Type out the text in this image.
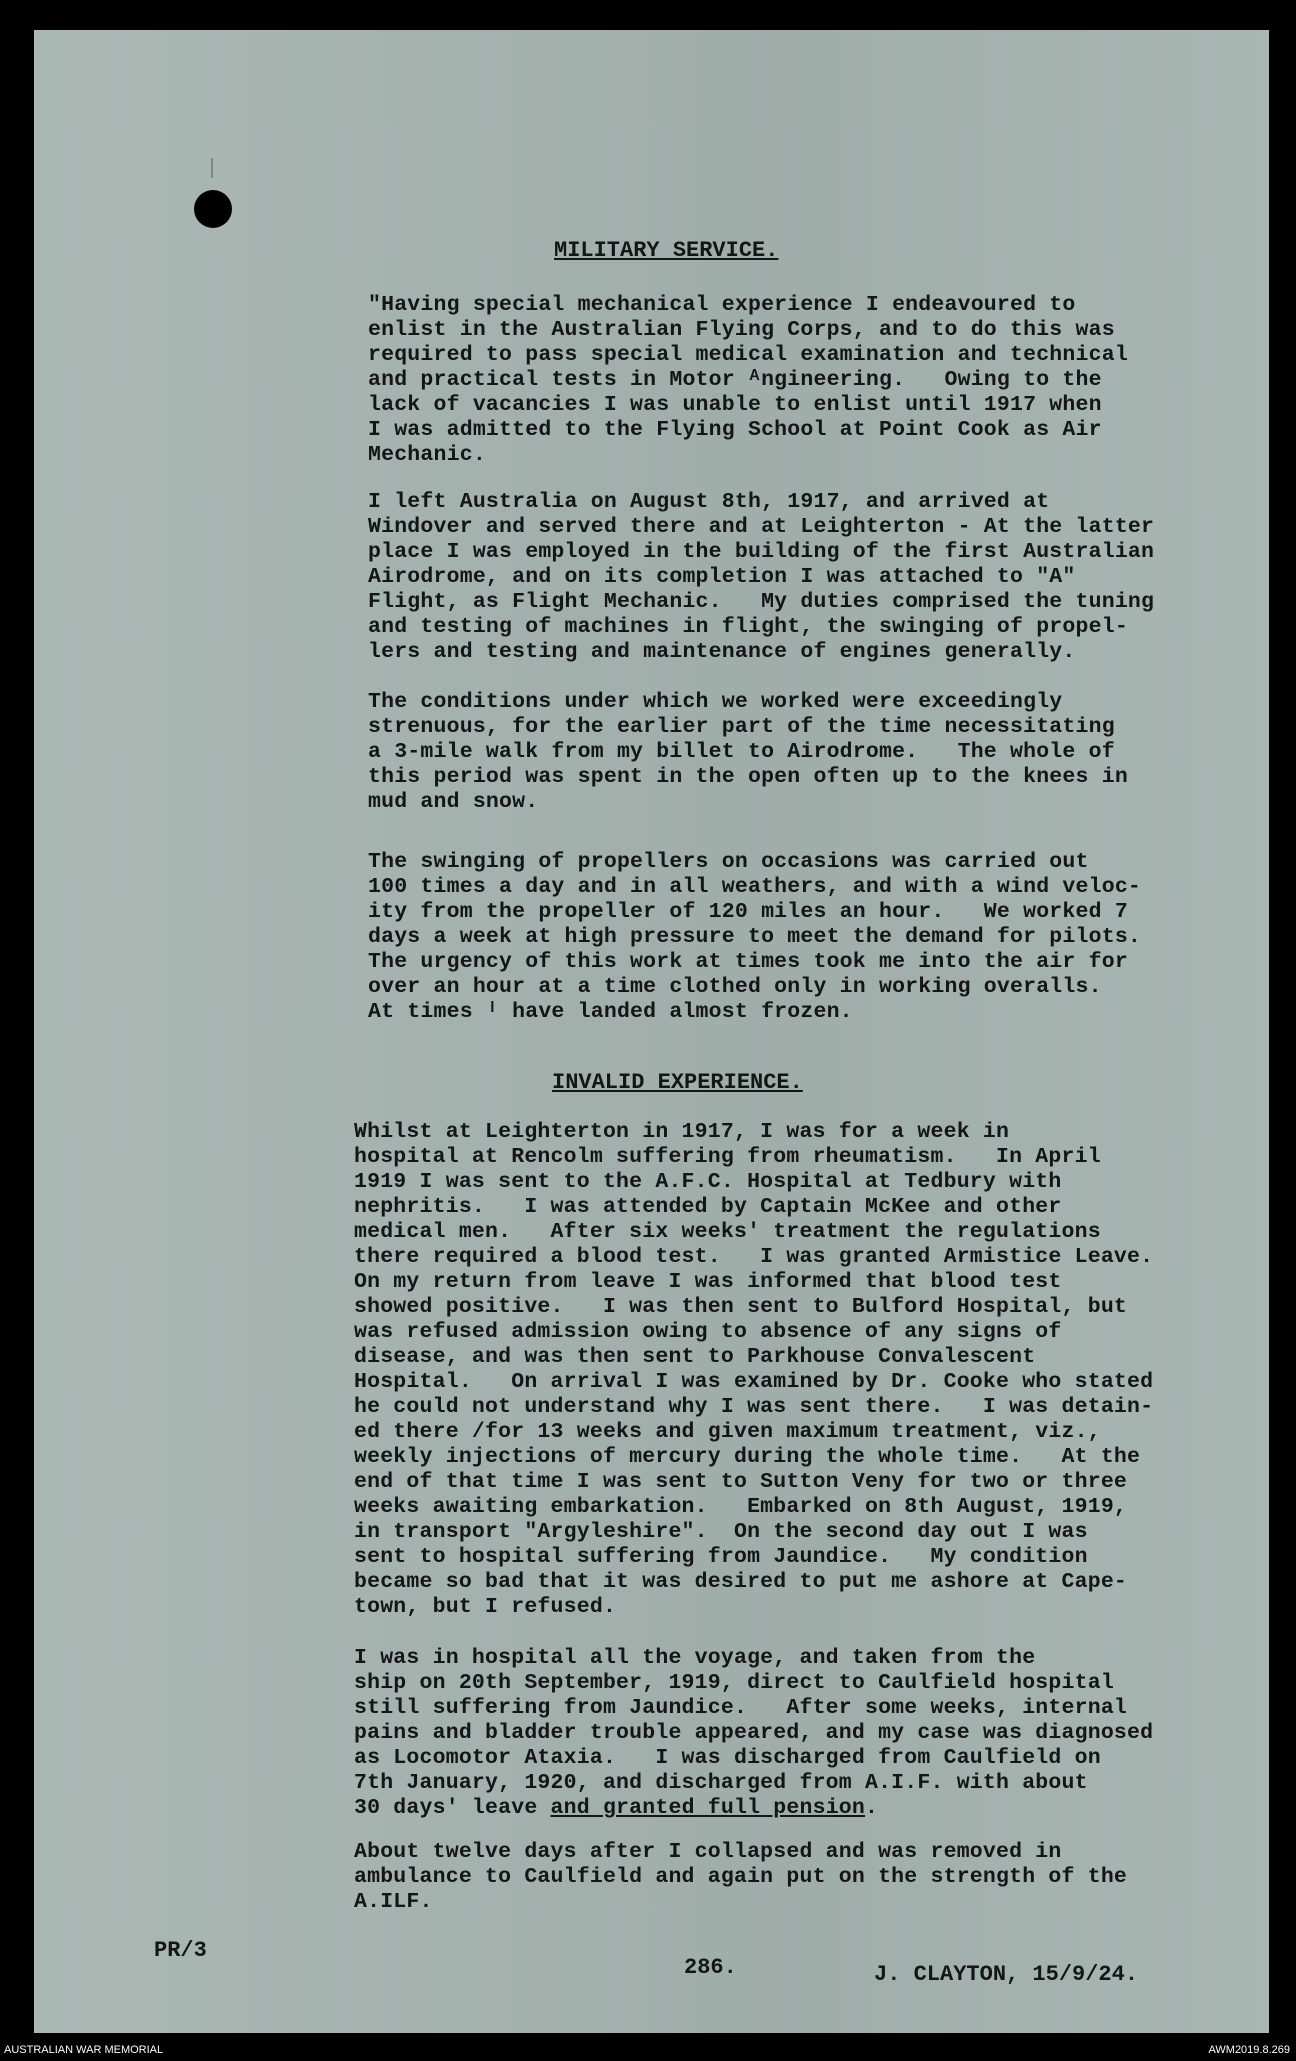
MILITARY SERVICE.

"Having special mechanical experience I endeavoured to
enlist in the Australian Flying Corps, and to do this was
required to pass special medical examination and technical
and practical tests in Motor ᴬngineering.   Owing to the
lack of vacancies I was unable to enlist until 1917 when
I was admitted to the Flying School at Point Cook as Air
Mechanic.

I left Australia on August 8th, 1917, and arrived at
Windover and served there and at Leighterton - At the latter
place I was employed in the building of the first Australian
Airodrome, and on its completion I was attached to "A"
Flight, as Flight Mechanic.   My duties comprised the tuning
and testing of machines in flight, the swinging of propel-
lers and testing and maintenance of engines generally.

The conditions under which we worked were exceedingly
strenuous, for the earlier part of the time necessitating
a 3-mile walk from my billet to Airodrome.   The whole of
this period was spent in the open often up to the knees in
mud and snow.

The swinging of propellers on occasions was carried out
100 times a day and in all weathers, and with a wind veloc-
ity from the propeller of 120 miles an hour.   We worked 7
days a week at high pressure to meet the demand for pilots.
The urgency of this work at times took me into the air for
over an hour at a time clothed only in working overalls.
At times ᴵ have landed almost frozen.

INVALID EXPERIENCE.

Whilst at Leighterton in 1917, I was for a week in
hospital at Rencolm suffering from rheumatism.   In April
1919 I was sent to the A.F.C. Hospital at Tedbury with
nephritis.   I was attended by Captain McKee and other
medical men.   After six weeks' treatment the regulations
there required a blood test.   I was granted Armistice Leave.
On my return from leave I was informed that blood test
showed positive.   I was then sent to Bulford Hospital, but
was refused admission owing to absence of any signs of
disease, and was then sent to Parkhouse Convalescent
Hospital.   On arrival I was examined by Dr. Cooke who stated
he could not understand why I was sent there.   I was detain-
ed there /for 13 weeks and given maximum treatment, viz.,
weekly injections of mercury during the whole time.   At the
end of that time I was sent to Sutton Veny for two or three
weeks awaiting embarkation.   Embarked on 8th August, 1919,
in transport "Argyleshire".  On the second day out I was
sent to hospital suffering from Jaundice.   My condition
became so bad that it was desired to put me ashore at Cape-
town, but I refused.

I was in hospital all the voyage, and taken from the
ship on 20th September, 1919, direct to Caulfield hospital
still suffering from Jaundice.   After some weeks, internal
pains and bladder trouble appeared, and my case was diagnosed
as Locomotor Ataxia.   I was discharged from Caulfield on
7th January, 1920, and discharged from A.I.F. with about
30 days' leave and granted full pension.

About twelve days after I collapsed and was removed in
ambulance to Caulfield and again put on the strength of the
A.ILF.

PR/3
286.	J. CLAYTON, 15/9/24.
AUSTRALIAN WAR MEMORIAL	AWM2019.8.269
